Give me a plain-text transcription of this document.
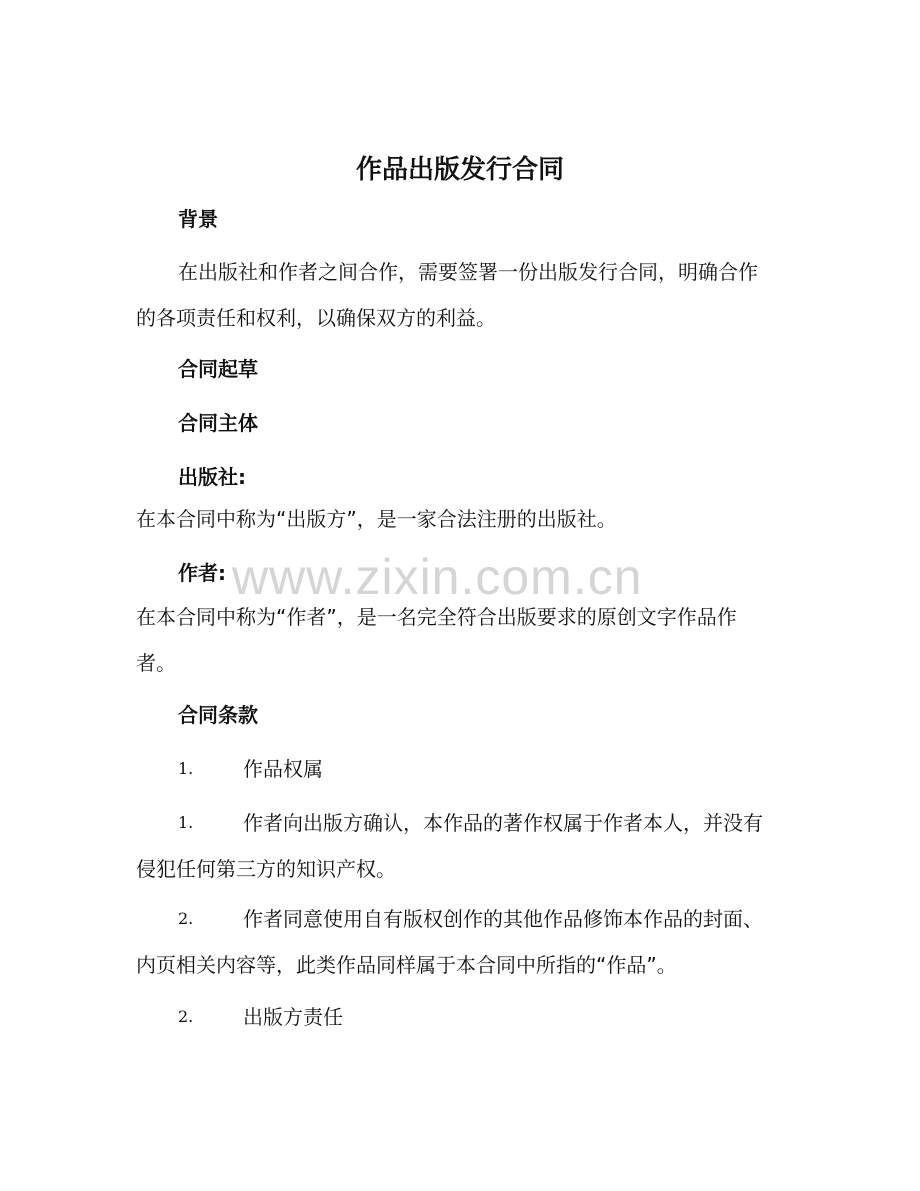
作品出版发行合同
背景
在出版社和作者之间合作，需要签署一份出版发行合同，明确合作的各项责任和权利，以确保双方的利益。
合同起草
合同主体
出版社:
在本合同中称为“出版方”，是一家合法注册的出版社。
作者:
在本合同中称为“作者”，是一名完全符合出版要求的原创文字作品作者。
合同条款
1. 作品权属
1.	作者向出版方确认，本作品的著作权属于作者本人，并没有侵犯任何第三方的知识产权。
2.	作者同意使用自有版权创作的其他作品修饰本作品的封面、内页相关内容等，此类作品同样属于本合同中所指的“作品”。
2. 出版方责任
www.zixin.com.cn
